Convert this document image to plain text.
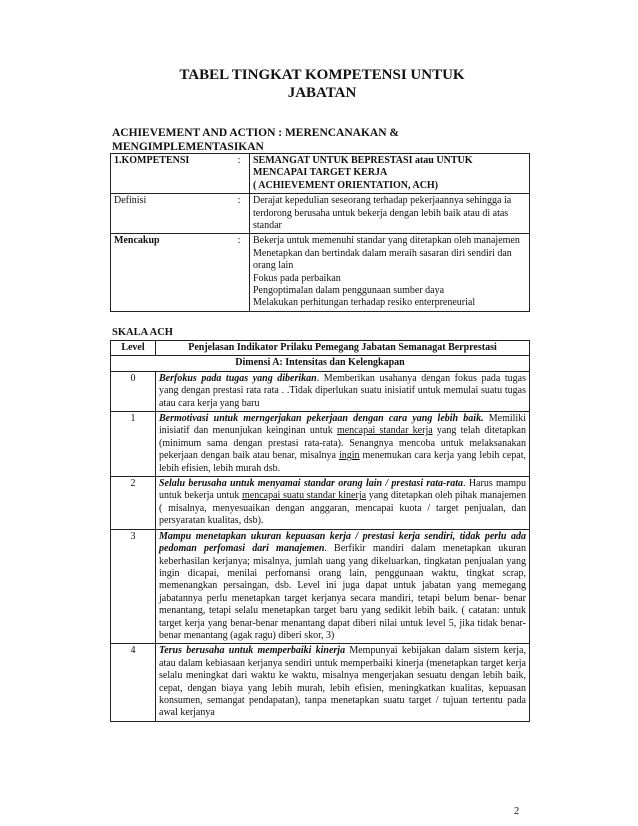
TABEL TINGKAT KOMPETENSI UNTUK
JABATAN
ACHIEVEMENT AND ACTION : MERENCANAKAN &
MENGIMPLEMENTASIKAN
1.KOMPETENSI	:	SEMANGAT UNTUK BEPRESTASI atau UNTUK
MENCAPAI TARGET KERJA
( ACHIEVEMENT ORIENTATION, ACH)

Definisi	:	Derajat kepedulian seseorang terhadap pekerjaannya sehingga ia terdorong berusaha untuk bekerja dengan lebih baik atau di atas standar
Mencakup	:	Bekerja untuk memenuhi standar yang ditetapkan oleh manajemen
Menetapkan dan bertindak dalam meraih sasaran diri sendiri dan orang lain
Fokus pada perbaikan
Pengoptimalan dalam penggunaan sumber daya
Melakukan perhitungan terhadap resiko enterpreneurial
SKALA ACH
Level	Penjelasan Indikator Prilaku Pemegang Jabatan Semanagat Berprestasi
Dimensi A: Intensitas dan Kelengkapan	
0	Berfokus pada tugas yang diberikan. Memberikan usahanya dengan fokus pada tugas yang dengan prestasi rata rata . .Tidak diperlukan suatu inisiatif untuk memulai suatu tugas atau cara kerja yang baru
1	Bermotivasi untuk merngerjakan pekerjaan dengan cara yang lebih baik. Memiliki inisiatif dan menunjukan keinginan untuk mencapai standar kerja yang telah ditetapkan (minimum sama dengan prestasi rata-rata). Senangnya mencoba untuk melaksanakan pekerjaan dengan baik atau benar, misalnya ingin menemukan cara kerja yang lebih cepat, lebih efisien, lebih murah dsb.
2	Selalu berusaha untuk menyamai standar orang lain / prestasi rata-rata. Harus mampu untuk bekerja untuk mencapai suatu standar kinerja yang ditetapkan oleh pihak manajemen ( misalnya, menyesuaikan dengan anggaran, mencapai kuota / target penjualan, dan persyaratan kualitas, dsb).
3	Mampu menetapkan ukuran kepuasan kerja / prestasi kerja sendiri, tidak perlu ada pedoman perfomasi dari manajemen. Berfikir mandiri dalam menetapkan ukuran keberhasilan kerjanya; misalnya, jumlah uang yang dikeluarkan, tingkatan penjualan yang ingin dicapai, menilai perfomansi orang lain, penggunaan waktu, tingkat scrap, memenangkan persaingan, dsb. Level ini juga dapat untuk jabatan yang memegang jabatannya perlu menetapkan target kerjanya secara mandiri, tetapi belum benar- benar menantang, tetapi selalu menetapkan target baru yang sedikit lebih baik. ( catatan: untuk target kerja yang benar-benar menantang dapat diberi nilai untuk level 5, jika tidak benar- benar menantang (agak ragu) diberi skor, 3)
4	Terus berusaha untuk memperbaiki kinerja Mempunyai kebijakan dalam sistem kerja, atau dalam kebiasaan kerjanya sendiri untuk memperbaiki kinerja (menetapkan target kerja selalu meningkat dari waktu ke waktu, misalnya mengerjakan sesuatu dengan lebih baik, cepat, dengan biaya yang lebih murah, lebih efisien, meningkatkan kualitas, kepuasan konsumen, semangat pendapatan), tanpa menetapkan suatu target / tujuan tertentu pada awal kerjanya
2
